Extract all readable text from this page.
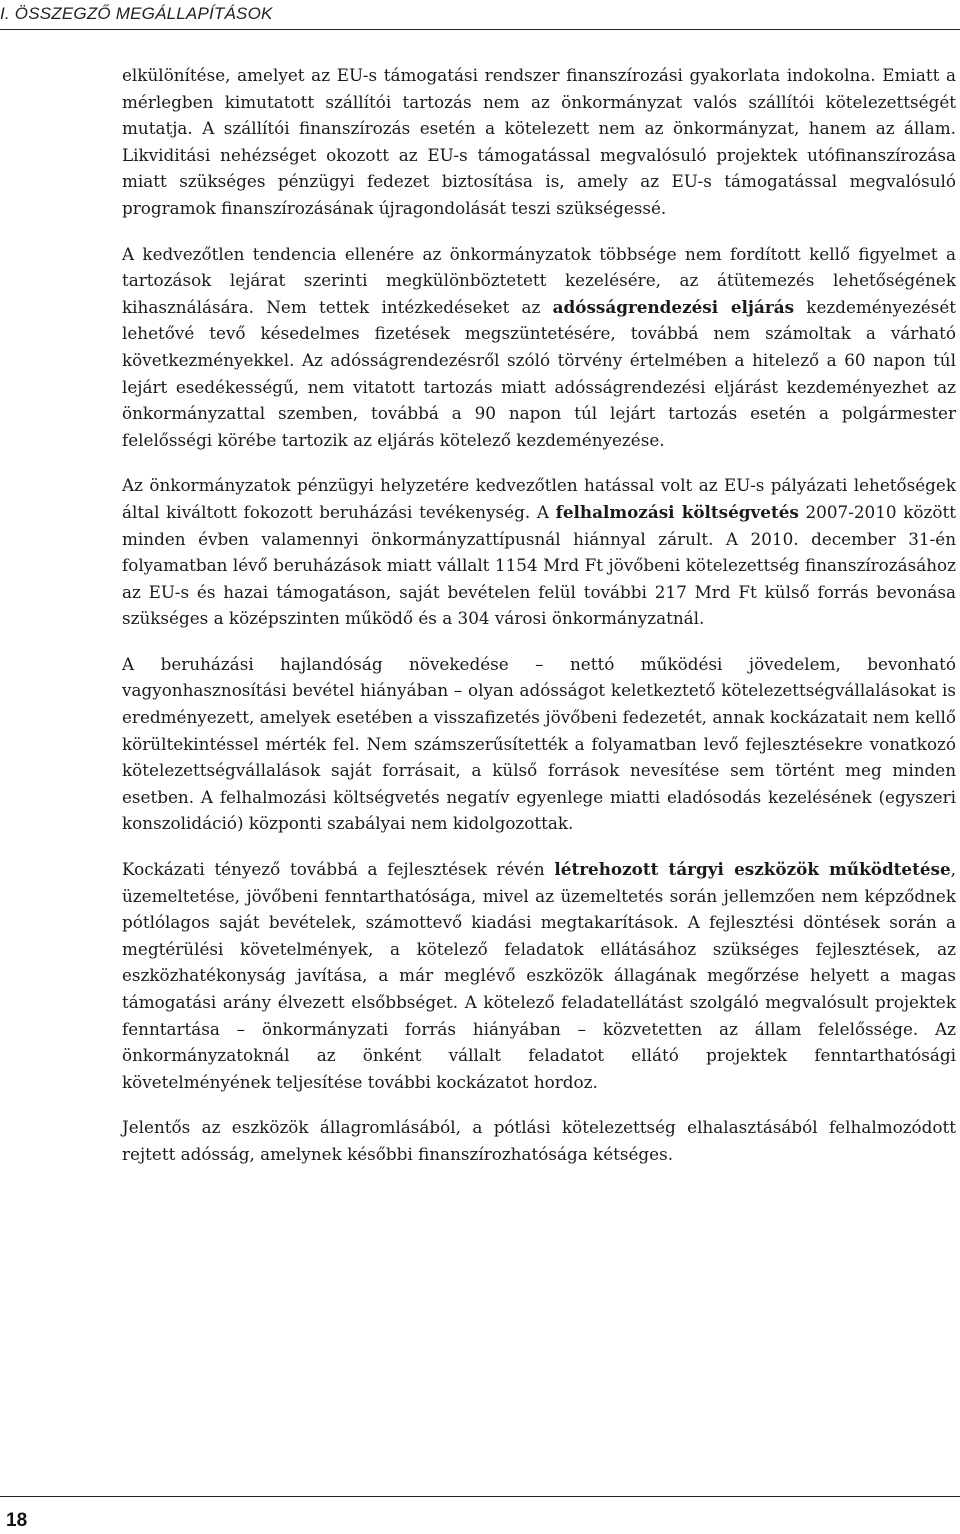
I. ÖSSZEGZŐ MEGÁLLAPÍTÁSOK

elkülönítése, amelyet az EU-s támogatási rendszer finanszírozási gyakorlata indokolna. Emiatt a mérlegben kimutatott szállítói tartozás nem az önkormányzat valós szállítói kötelezettségét mutatja. A szállítói finanszírozás esetén a kötelezett nem az önkormányzat, hanem az állam. Likviditási nehézséget okozott az EU-s támogatással megvalósuló projektek utófinanszírozása miatt szükséges pénzügyi fedezet biztosítása is, amely az EU-s támogatással megvalósuló programok finanszírozásának újragondolását teszi szükségessé.

A kedvezőtlen tendencia ellenére az önkormányzatok többsége nem fordított kellő figyelmet a tartozások lejárat szerinti megkülönböztetett kezelésére, az átütemezés lehetőségének kihasználására. Nem tettek intézkedéseket az adósságrendezési eljárás kezdeményezését lehetővé tevő késedelmes fizetések megszüntetésére, továbbá nem számoltak a várható következményekkel. Az adósságrendezésről szóló törvény értelmében a hitelező a 60 napon túl lejárt esedékességű, nem vitatott tartozás miatt adósságrendezési eljárást kezdeményezhet az önkormányzattal szemben, továbbá a 90 napon túl lejárt tartozás esetén a polgármester felelősségi körébe tartozik az eljárás kötelező kezdeményezése.

Az önkormányzatok pénzügyi helyzetére kedvezőtlen hatással volt az EU-s pályázati lehetőségek által kiváltott fokozott beruházási tevékenység. A felhalmozási költségvetés 2007-2010 között minden évben valamennyi önkormányzattípusnál hiánnyal zárult. A 2010. december 31-én folyamatban lévő beruházások miatt vállalt 1154 Mrd Ft jövőbeni kötelezettség finanszírozásához az EU-s és hazai támogatáson, saját bevételen felül további 217 Mrd Ft külső forrás bevonása szükséges a középszinten működő és a 304 városi önkormányzatnál.

A beruházási hajlandóság növekedése – nettó működési jövedelem, bevonható vagyonhasznosítási bevétel hiányában – olyan adósságot keletkeztető kötelezettségvállalásokat is eredményezett, amelyek esetében a visszafizetés jövőbeni fedezetét, annak kockázatait nem kellő körültekintéssel mérték fel. Nem számszerűsítették a folyamatban levő fejlesztésekre vonatkozó kötelezettségvállalások saját forrásait, a külső források nevesítése sem történt meg minden esetben. A felhalmozási költségvetés negatív egyenlege miatti eladósodás kezelésének (egyszeri konszolidáció) központi szabályai nem kidolgozottak.

Kockázati tényező továbbá a fejlesztések révén létrehozott tárgyi eszközök működtetése, üzemeltetése, jövőbeni fenntarthatósága, mivel az üzemeltetés során jellemzően nem képződnek pótlólagos saját bevételek, számottevő kiadási megtakarítások. A fejlesztési döntések során a megtérülési követelmények, a kötelező feladatok ellátásához szükséges fejlesztések, az eszközhatékonyság javítása, a már meglévő eszközök állagának megőrzése helyett a magas támogatási arány élvezett elsőbbséget. A kötelező feladatellátást szolgáló megvalósult projektek fenntartása – önkormányzati forrás hiányában – közvetetten az állam felelőssége. Az önkormányzatoknál az önként vállalt feladatot ellátó projektek fenntarthatósági követelményének teljesítése további kockázatot hordoz.

Jelentős az eszközök állagromlásából, a pótlási kötelezettség elhalasztásából felhalmozódott rejtett adósság, amelynek későbbi finanszírozhatósága kétséges.

18
